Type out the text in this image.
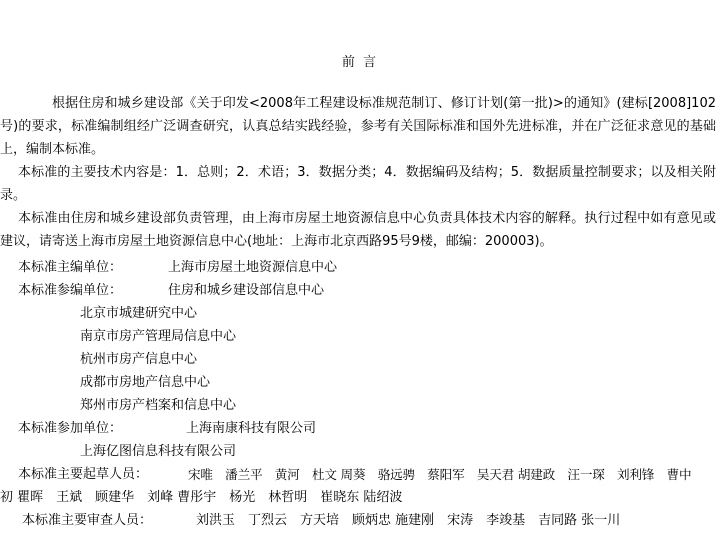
前 言
根据住房和城乡建设部《关于印发<2008年工程建设标准规范制订、修订计划(第一批)>的通知》(建标[2008]102号)的要求，标准编制组经广泛调查研究，认真总结实践经验，参考有关国际标准和国外先进标准，并在广泛征求意见的基础上，编制本标准。
本标准的主要技术内容是：1．总则；2．术语；3．数据分类；4．数据编码及结构；5．数据质量控制要求；以及相关附录。
本标准由住房和城乡建设部负责管理，由上海市房屋土地资源信息中心负责具体技术内容的解释。执行过程中如有意见或建议，请寄送上海市房屋土地资源信息中心(地址：上海市北京西路95号9楼，邮编：200003)。
本标准主编单位：	上海市房屋土地资源信息中心
本标准参编单位：	住房和城乡建设部信息中心
北京市城建研究中心
南京市房产管理局信息中心
杭州市房产信息中心
成都市房地产信息中心
郑州市房产档案和信息中心
本标准参加单位：	上海南康科技有限公司
上海亿图信息科技有限公司
本标准主要起草人员：	宋唯　潘兰平　黄河　杜文 周葵　骆远骋　蔡阳军　吴天君 胡建政　汪一琛　刘利锋　曹中
初 瞿晖　王斌　顾建华　刘峰 曹彤宇　杨光　林哲明　崔晓东 陆绍波
本标准主要审查人员：	刘洪玉　丁烈云　方天培　顾炳忠 施建刚　宋涛　李竣基　吉同路 张一川
